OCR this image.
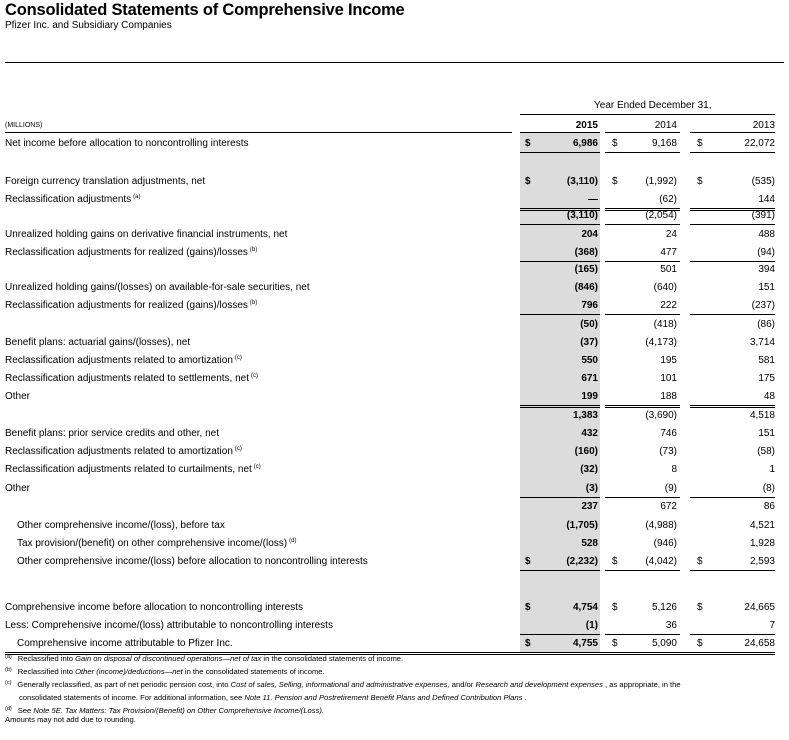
Consolidated Statements of Comprehensive Income
Pfizer Inc. and Subsidiary Companies
Year Ended December 31,
(MILLIONS)	2015	2014	2013
Net income before allocation to noncontrolling interests	$	6,986 $	9,168 $	22,072
Foreign currency translation adjustments, net	$	(3,110) $	(1,992) $	(535)
Reclassification adjustments $^{(a)}$	—	(62)	144
(3,110)	(2,054)	(391)
Unrealized holding gains on derivative financial instruments, net	204	24	488
Reclassification adjustments for realized (gains)/losses $^{(b)}$	(368)	477	(94)
(165)	501	394
Unrealized holding gains/(losses) on available-for-sale securities, net	(846)	(640)	151
Reclassification adjustments for realized (gains)/losses $^{(b)}$	796	222	(237)
(50)	(418)	(86)
Benefit plans: actuarial gains/(losses), net	(37)	(4,173)	3,714
Reclassification adjustments related to amortization $^{(c)}$	550	195	581
Reclassification adjustments related to settlements, net $^{(c)}$	671	101	175
Other	199	188	48
1,383	(3,690)	4,518
Benefit plans: prior service credits and other, net	432	746	151
Reclassification adjustments related to amortization $^{(c)}$	(160)	(73)	(58)
Reclassification adjustments related to curtailments, net $^{(c)}$	(32)	8	1
Other	(3)	(9)	(8)
237	672	86
Other comprehensive income/(loss), before tax	(1,705)	(4,988)	4,521
Tax provision/(benefit) on other comprehensive income/(loss) $^{(d)}$	528	(946)	1,928
Other comprehensive income/(loss) before allocation to noncontrolling interests	$	(2,232) $	(4,042) $	2,593
Comprehensive income before allocation to noncontrolling interests	$	4,754 $	5,126 $	24,665
Less: Comprehensive income/(loss) attributable to noncontrolling interests	(1)	36	7
Comprehensive income attributable to Pfizer Inc.	$	4,755 $	5,090 $	24,658
$^{(a)}$ Reclassified into Gain on disposal of discontinued operations—net of tax in the consolidated statements of income.
$^{(b)}$ Reclassified into Other (income)/deductions—net in the consolidated statements of income.
$^{(c)}$ Generally reclassified, as part of net periodic pension cost, into Cost of sales, Selling, informational and administrative expenses, and/or Research and development expenses , as appropriate, in the
consolidated statements of income. For additional information, see Note 11. Pension and Postretirement Benefit Plans and Defined Contribution Plans .
$^{(d)}$ See Note 5E. Tax Matters: Tax Provision/(Benefit) on Other Comprehensive Income/(Loss).
Amounts may not add due to rounding.
